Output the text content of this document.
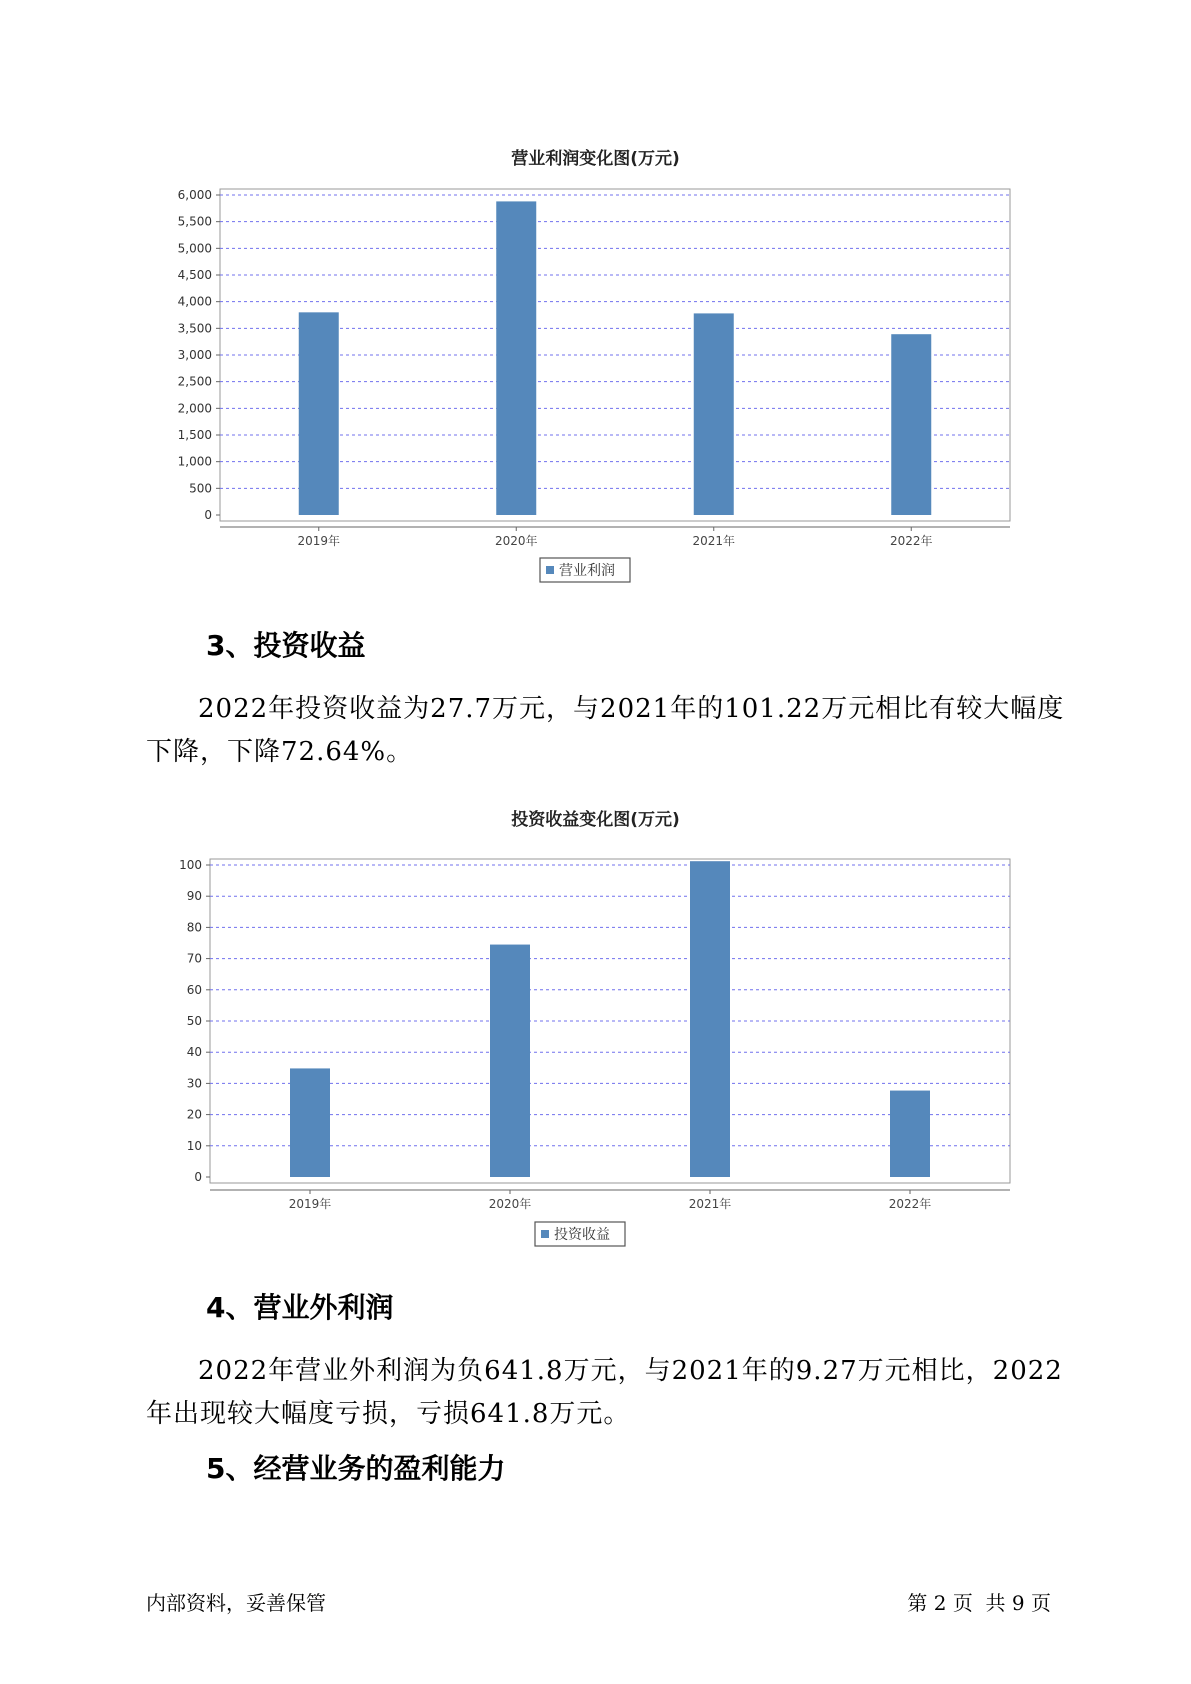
营业利润变化图(万元)
0
500
1,000
1,500
2,000
2,500
3,000
3,500
4,000
4,500
5,000
5,500
6,000
2019年	2020年	2021年	2022年
营业利润
3、投资收益
2022年投资收益为27.7万元，与2021年的101.22万元相比有较大幅度下降，下降72.64%。
投资收益变化图(万元)
0
10
20
30
40
50
60
70
80
90
100
2019年	2020年	2021年	2022年
投资收益
4、营业外利润
2022年营业外利润为负641.8万元，与2021年的9.27万元相比，2022年出现较大幅度亏损，亏损641.8万元。
5、经营业务的盈利能力
内部资料，妥善保管	第 2 页  共 9 页
